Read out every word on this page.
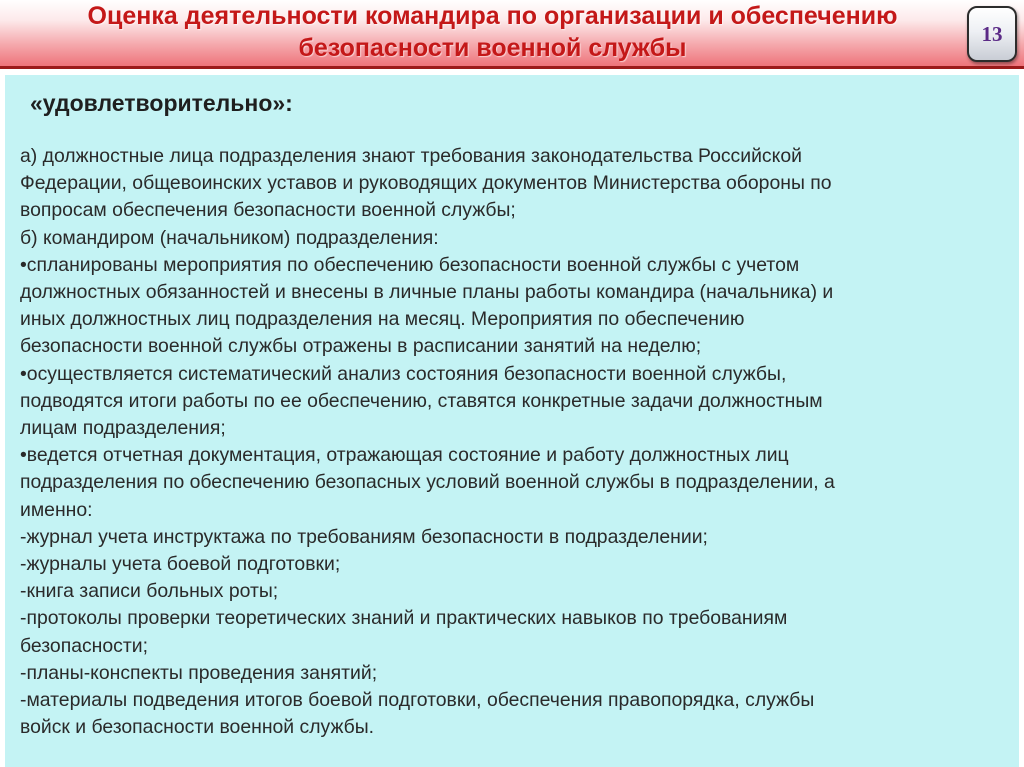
Оценка деятельности командира по организации и обеспечению
безопасности военной службы	13
«удовлетворительно»:
а) должностные лица подразделения знают требования законодательства Российской
Федерации, общевоинских уставов и руководящих документов Министерства обороны по
вопросам обеспечения безопасности военной службы;
б) командиром (начальником) подразделения:
•спланированы мероприятия по обеспечению безопасности военной службы с учетом
должностных обязанностей и внесены в личные планы работы командира (начальника) и
иных должностных лиц подразделения на месяц. Мероприятия по обеспечению
безопасности военной службы отражены в расписании занятий на неделю;
•осуществляется систематический анализ состояния безопасности военной службы,
подводятся итоги работы по ее обеспечению, ставятся конкретные задачи должностным
лицам подразделения;
•ведется отчетная документация, отражающая состояние и работу должностных лиц
подразделения по обеспечению безопасных условий военной службы в подразделении, а
именно:
-журнал учета инструктажа по требованиям безопасности в подразделении;
-журналы учета боевой подготовки;
-книга записи больных роты;
-протоколы проверки теоретических знаний и практических навыков по требованиям
безопасности;
-планы-конспекты проведения занятий;
-материалы подведения итогов боевой подготовки, обеспечения правопорядка, службы
войск и безопасности военной службы.
